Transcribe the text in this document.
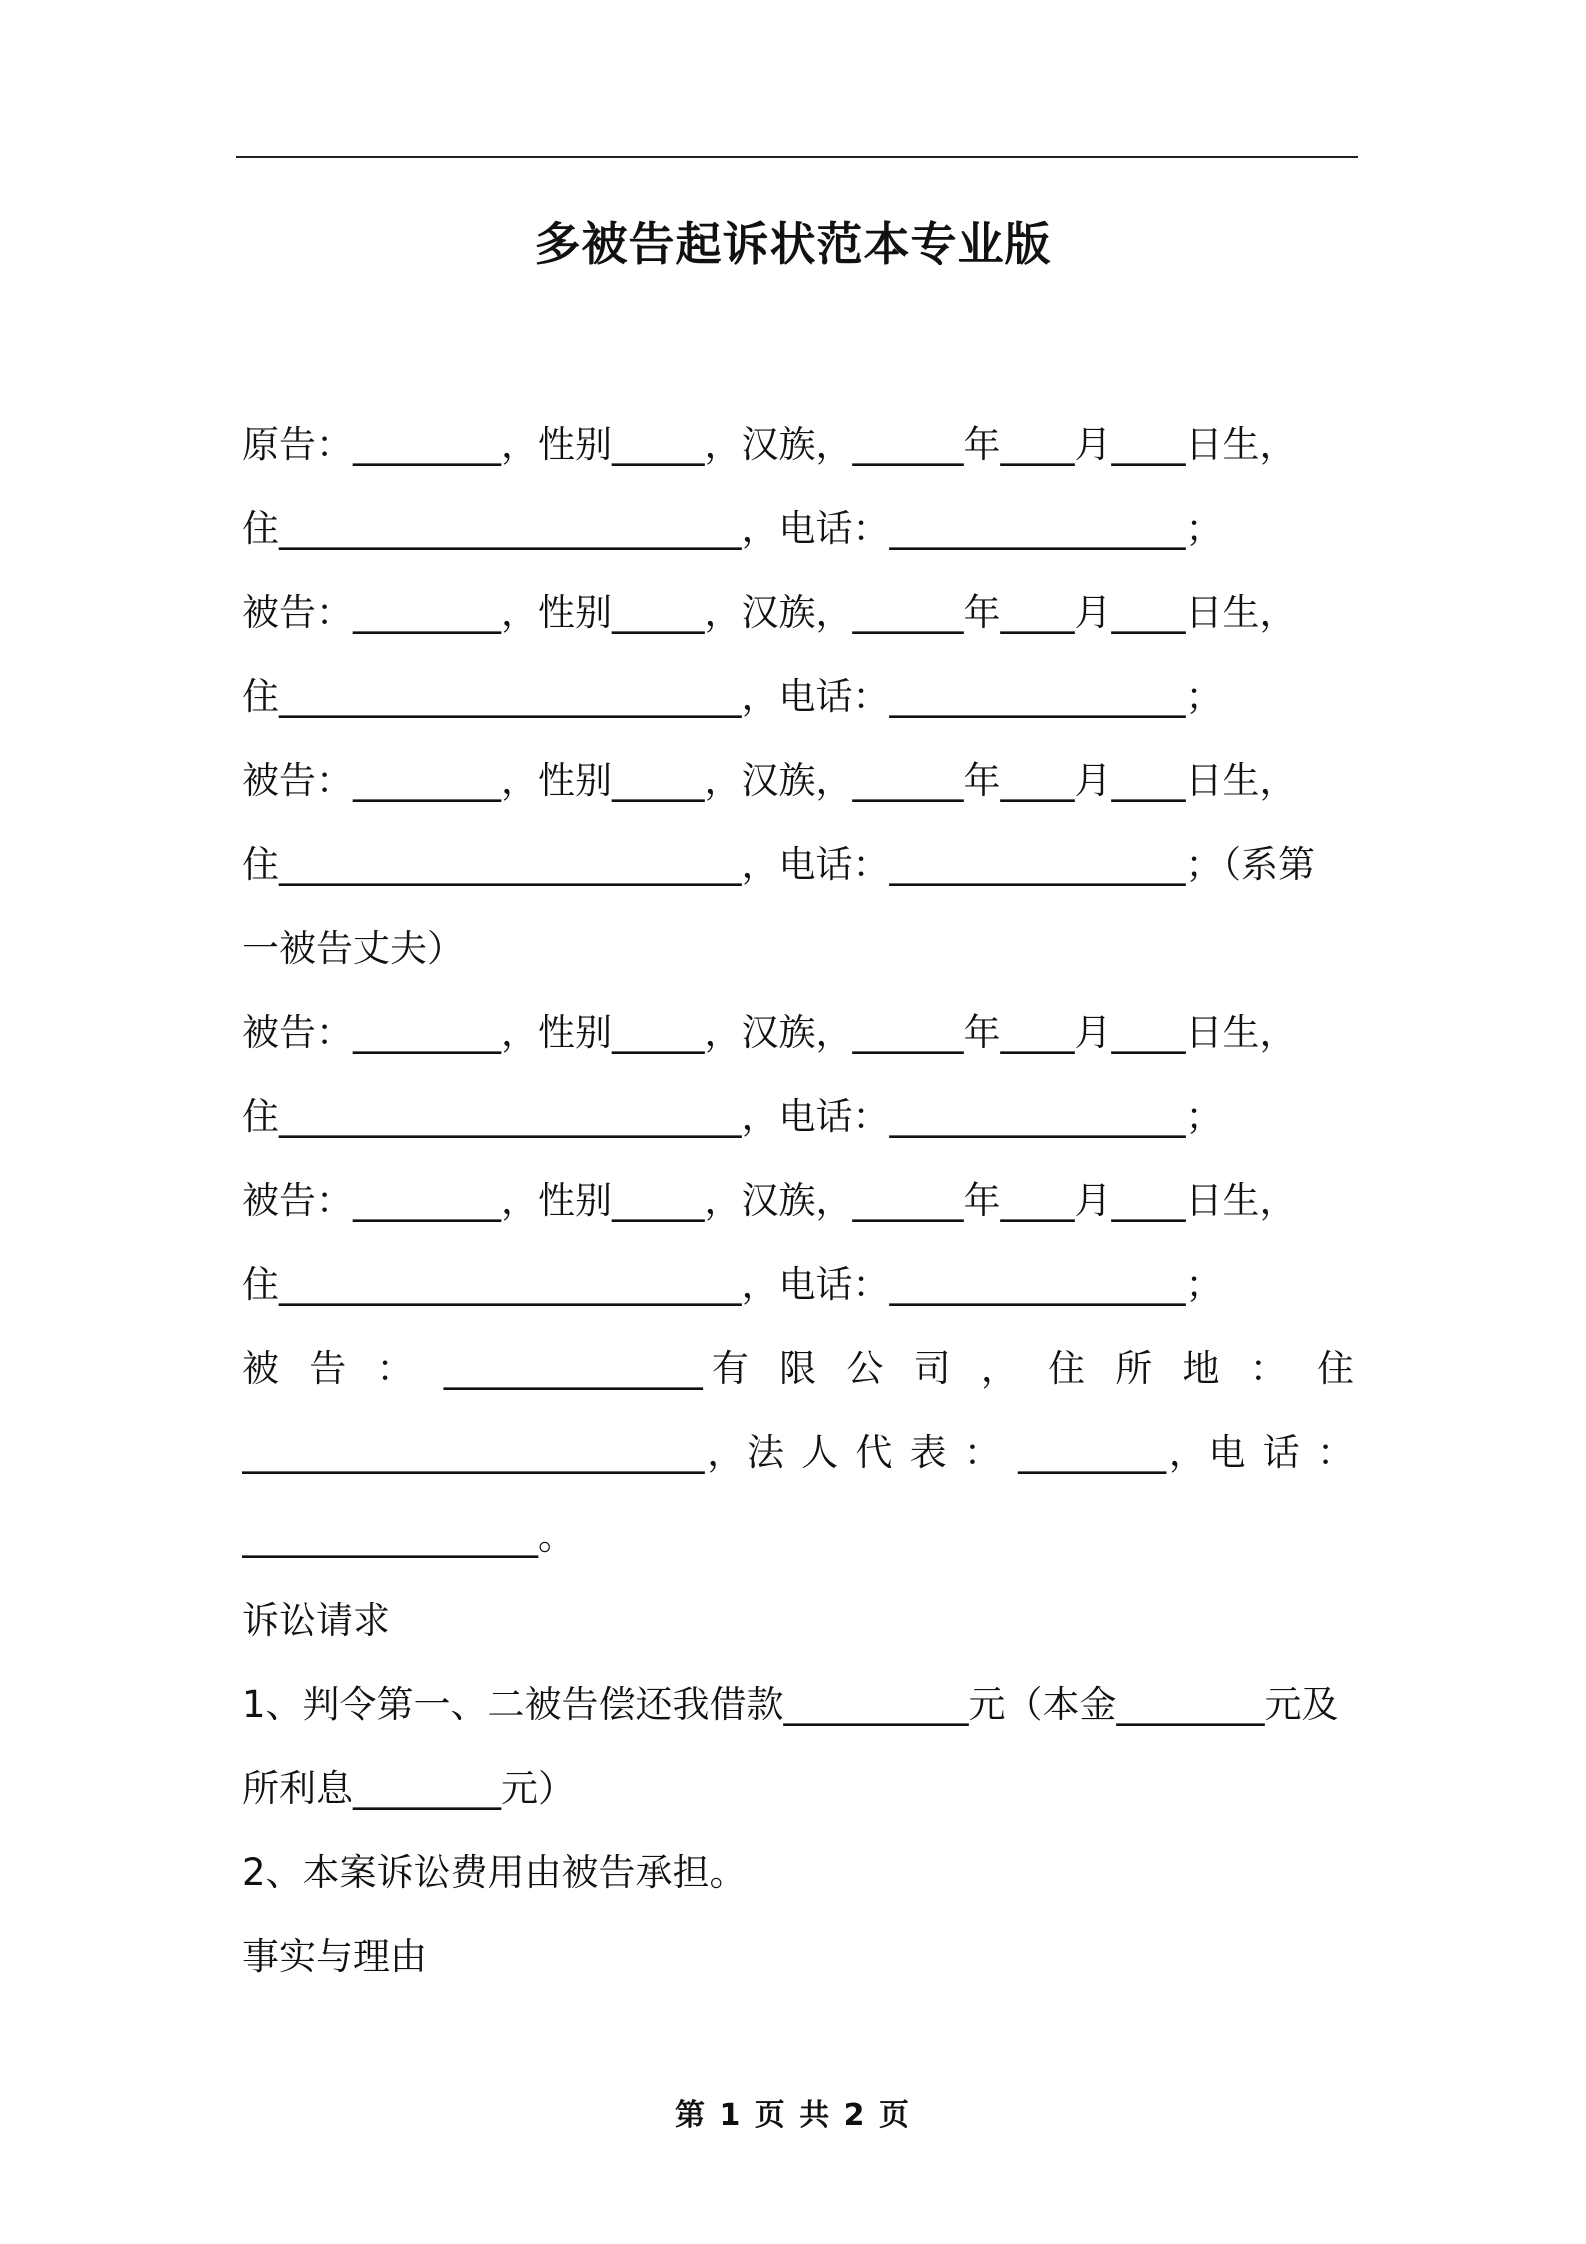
多被告起诉状范本专业版
原告：________，性别_____，汉族，______年____月____日生，
住_________________________，电话：________________；
被告：________，性别_____，汉族，______年____月____日生，
住_________________________，电话：________________；
被告：________，性别_____，汉族，______年____月____日生，
住_________________________，电话：________________；（系第
一被告丈夫）
被告：________，性别_____，汉族，______年____月____日生，
住_________________________，电话：________________；
被告：________，性别_____，汉族，______年____月____日生，
住_________________________，电话：________________；
被 告 ： ______________有 限 公 司 ， 住 所 地 ： 住
_________________________，法 人 代 表 ： ________，电 话 ：
________________。
诉讼请求
1、判令第一、二被告偿还我借款__________元（本金________元及
所利息________元）
2、本案诉讼费用由被告承担。
事实与理由
第 1 页 共 2 页
